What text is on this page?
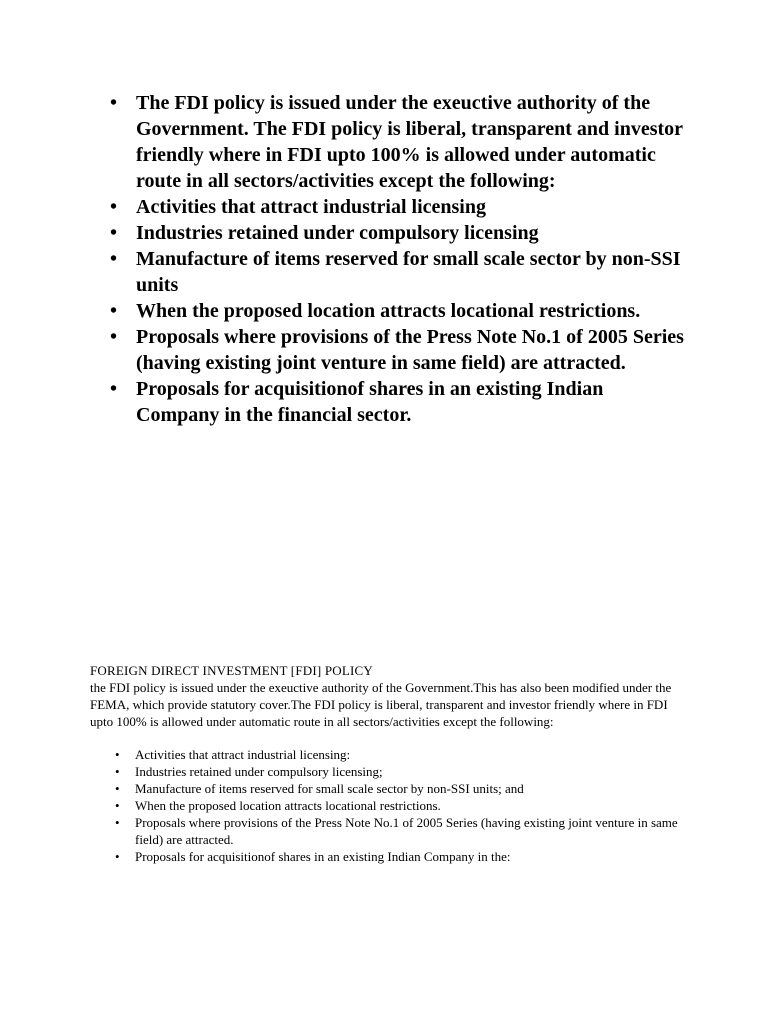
• The FDI policy is issued under the exeuctive authority of the Government. The FDI policy is liberal, transparent and investor friendly where in FDI upto 100% is allowed under automatic route in all sectors/activities except the following:
• Activities that attract industrial licensing
• Industries retained under compulsory licensing
• Manufacture of items reserved for small scale sector by non-SSI units
• When the proposed location attracts locational restrictions.
• Proposals where provisions of the Press Note No.1 of 2005 Series (having existing joint venture in same field) are attracted.
• Proposals for acquisitionof shares in an existing Indian Company in the financial sector.
FOREIGN DIRECT INVESTMENT [FDI] POLICY

the FDI policy is issued under the exeuctive authority of the Government.This has also been modified under the FEMA, which provide statutory cover.The FDI policy is liberal, transparent and investor friendly where in FDI upto 100% is allowed under automatic route in all sectors/activities except the following:

• Activities that attract industrial licensing:
• Industries retained under compulsory licensing;
• Manufacture of items reserved for small scale sector by non-SSI units; and
• When the proposed location attracts locational restrictions.
• Proposals where provisions of the Press Note No.1 of 2005 Series (having existing joint venture in same field) are attracted.
• Proposals for acquisitionof shares in an existing Indian Company in the:
